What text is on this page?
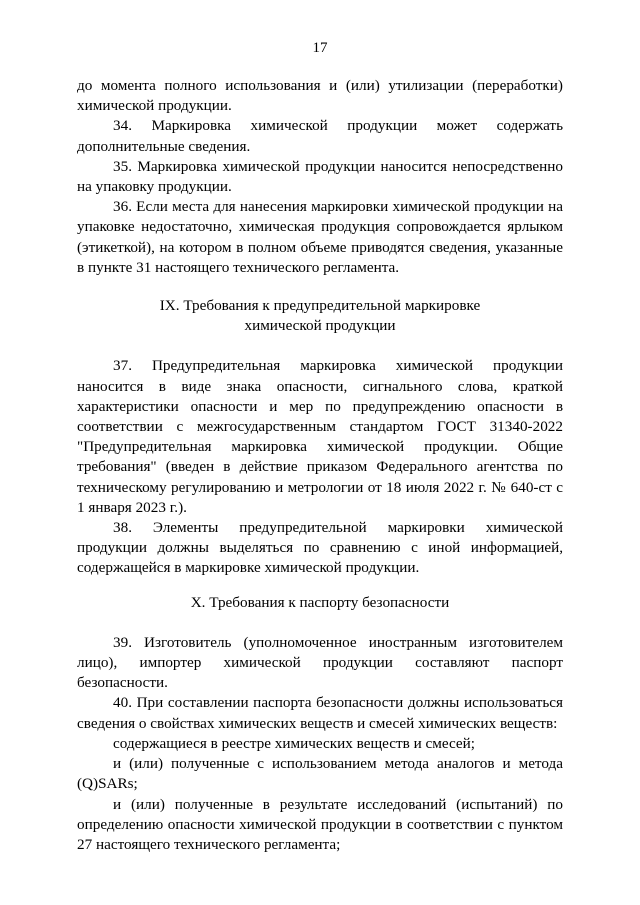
17

до момента полного использования и (или) утилизации (переработки) химической продукции.

34. Маркировка химической продукции может содержать дополнительные сведения.

35. Маркировка химической продукции наносится непосредственно на упаковку продукции.

36. Если места для нанесения маркировки химической продукции на упаковке недостаточно, химическая продукция сопровождается ярлыком (этикеткой), на котором в полном объеме приводятся сведения, указанные в пункте 31 настоящего технического регламента.

IX. Требования к предупредительной маркировке
химической продукции

37. Предупредительная маркировка химической продукции наносится в виде знака опасности, сигнального слова, краткой характеристики опасности и мер по предупреждению опасности в соответствии с межгосударственным стандартом ГОСТ 31340-2022 "Предупредительная маркировка химической продукции. Общие требования" (введен в действие приказом Федерального агентства по техническому регулированию и метрологии от 18 июля 2022 г. № 640-ст с 1 января 2023 г.).

38. Элементы предупредительной маркировки химической продукции должны выделяться по сравнению с иной информацией, содержащейся в маркировке химической продукции.

X. Требования к паспорту безопасности

39. Изготовитель (уполномоченное иностранным изготовителем лицо), импортер химической продукции составляют паспорт безопасности.

40. При составлении паспорта безопасности должны использоваться сведения о свойствах химических веществ и смесей химических веществ:

содержащиеся в реестре химических веществ и смесей;

и (или) полученные с использованием метода аналогов и метода (Q)SARs;

и (или) полученные в результате исследований (испытаний) по определению опасности химической продукции в соответствии с пунктом 27 настоящего технического регламента;
